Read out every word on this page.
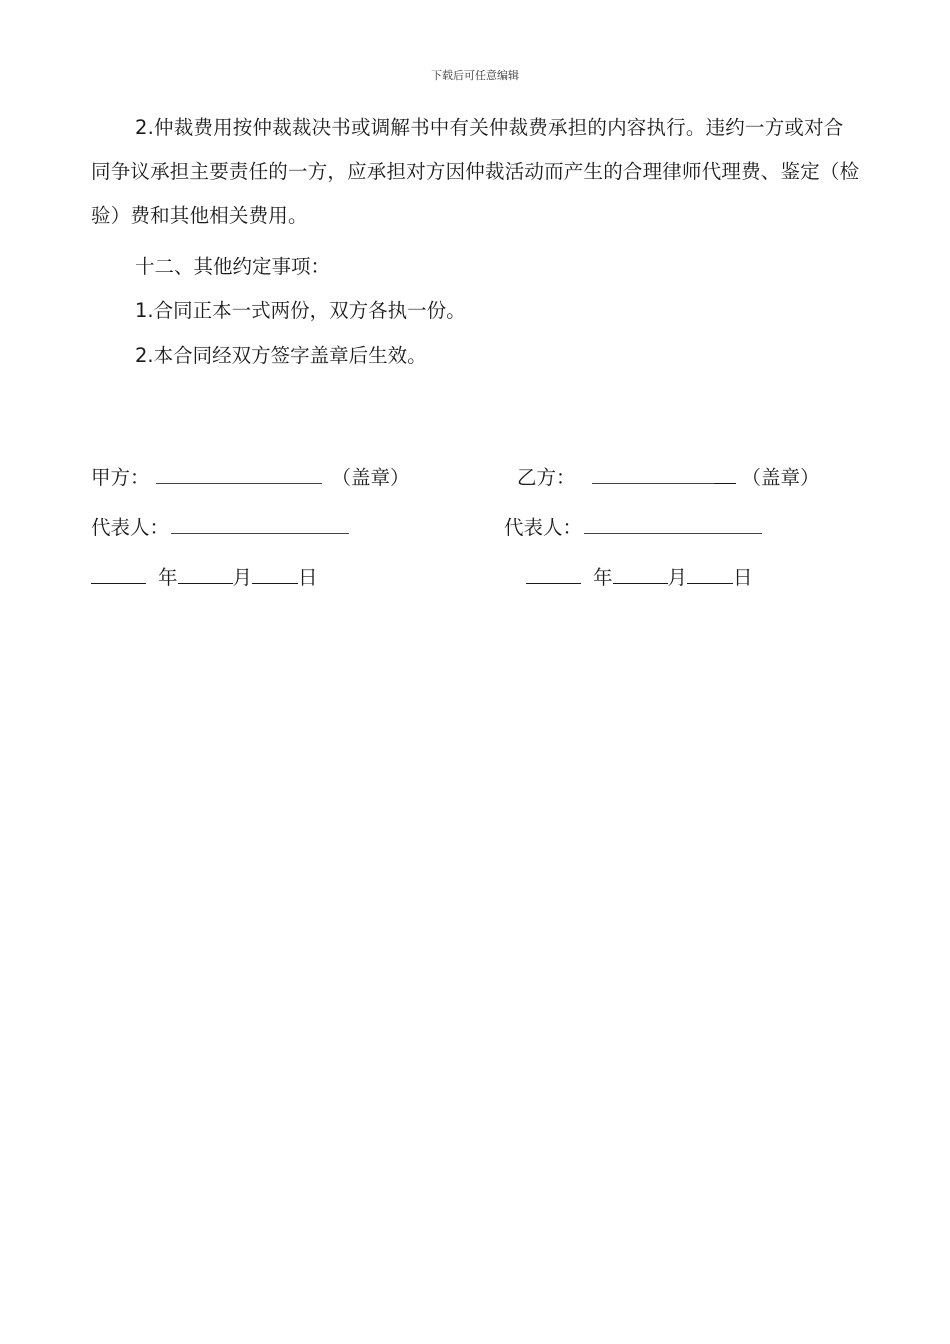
下载后可任意编辑
2.仲裁费用按仲裁裁决书或调解书中有关仲裁费承担的内容执行。违约一方或对合同争议承担主要责任的一方，应承担对方因仲裁活动而产生的合理律师代理费、鉴定（检验）费和其他相关费用。
十二、其他约定事项：
1.合同正本一式两份，双方各执一份。
2.本合同经双方签字盖章后生效。
甲方：	（盖章）	乙方：	（盖章）
代表人：	代表人：
年	月 日	年	月 日
